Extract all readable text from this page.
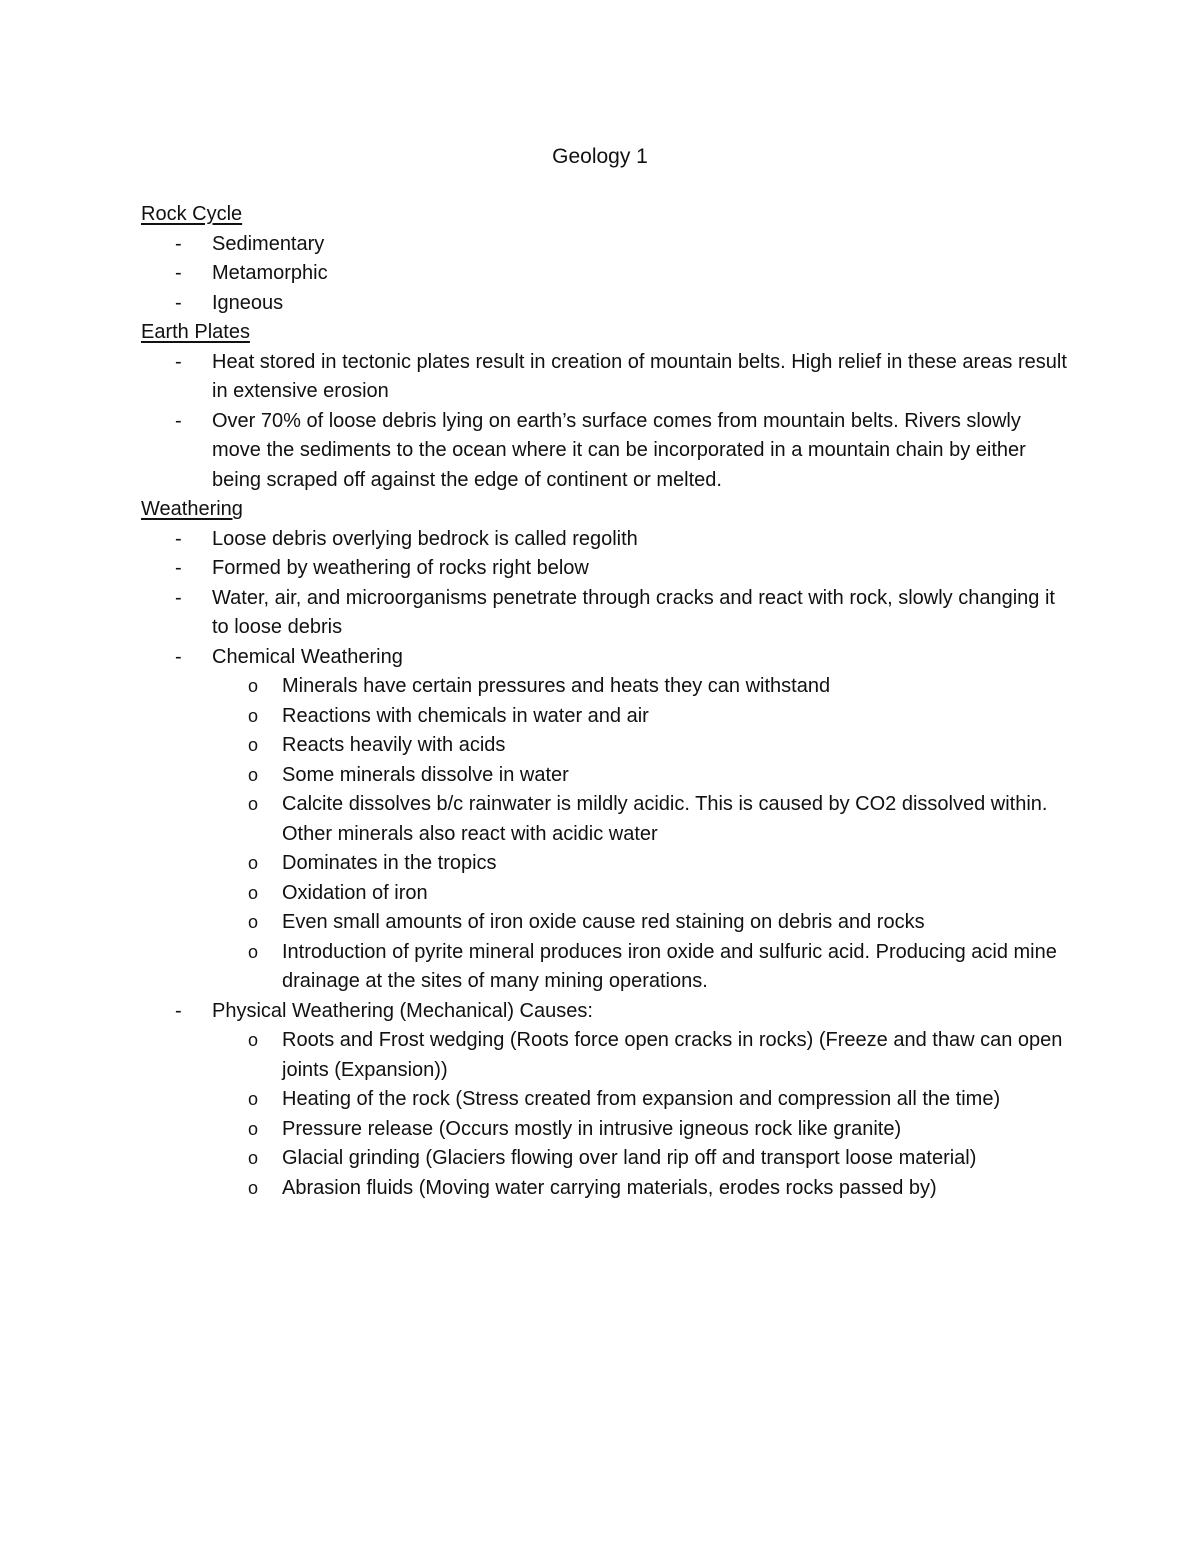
Geology 1
Rock Cycle
- Sedimentary
- Metamorphic
- Igneous
Earth Plates
- Heat stored in tectonic plates result in creation of mountain belts. High relief in these areas result in extensive erosion
- Over 70% of loose debris lying on earth’s surface comes from mountain belts. Rivers slowly move the sediments to the ocean where it can be incorporated in a mountain chain by either being scraped off against the edge of continent or melted.
Weathering
- Loose debris overlying bedrock is called regolith
- Formed by weathering of rocks right below
- Water, air, and microorganisms penetrate through cracks and react with rock, slowly changing it to loose debris
- Chemical Weathering
o Minerals have certain pressures and heats they can withstand
o Reactions with chemicals in water and air
o Reacts heavily with acids
o Some minerals dissolve in water
o Calcite dissolves b/c rainwater is mildly acidic. This is caused by CO2 dissolved within. Other minerals also react with acidic water
o Dominates in the tropics
o Oxidation of iron
o Even small amounts of iron oxide cause red staining on debris and rocks
o Introduction of pyrite mineral produces iron oxide and sulfuric acid. Producing acid mine drainage at the sites of many mining operations.
- Physical Weathering (Mechanical) Causes:
o Roots and Frost wedging (Roots force open cracks in rocks) (Freeze and thaw can open joints (Expansion))
o Heating of the rock (Stress created from expansion and compression all the time)
o Pressure release (Occurs mostly in intrusive igneous rock like granite)
o Glacial grinding (Glaciers flowing over land rip off and transport loose material)
o Abrasion fluids (Moving water carrying materials, erodes rocks passed by)
